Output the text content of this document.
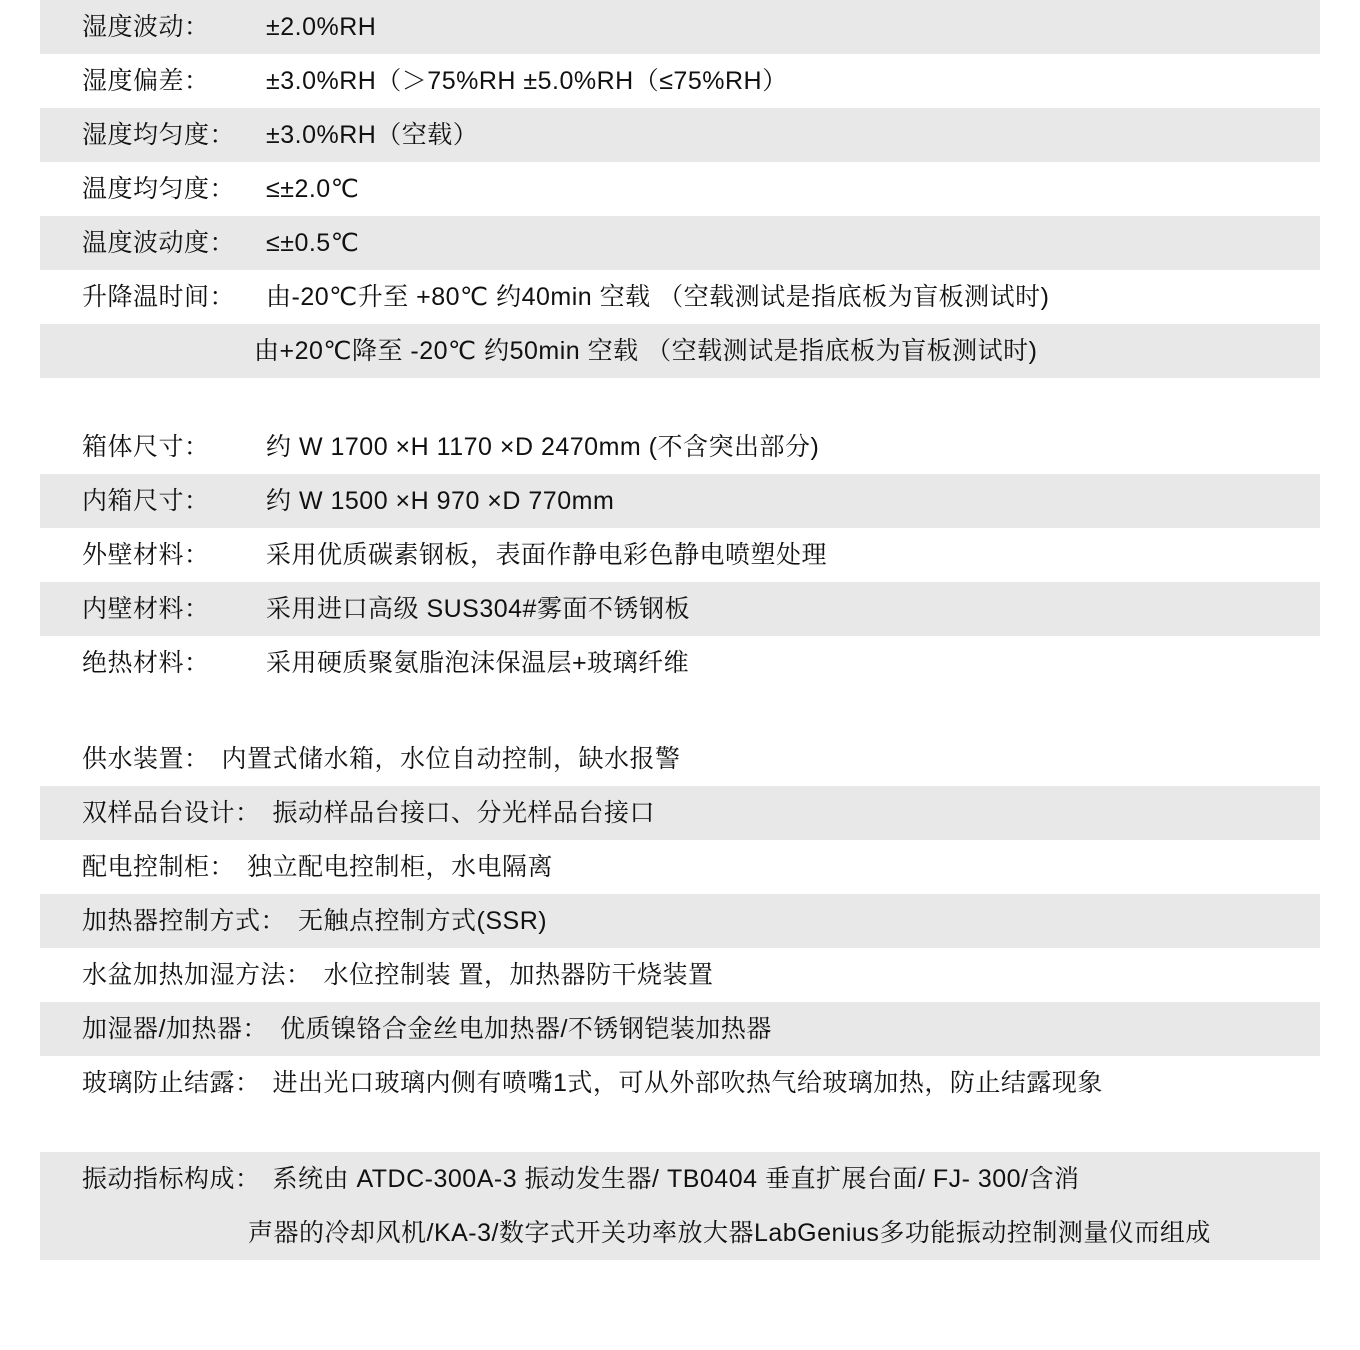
湿度波动：	±2.0%RH
湿度偏差：	±3.0%RH（＞75%RH ±5.0%RH（≤75%RH）
湿度均匀度：	±3.0%RH（空载）
温度均匀度：	≤±2.0℃
温度波动度：	≤±0.5℃
升降温时间：	由-20℃升至 +80℃ 约40min 空载 （空载测试是指底板为盲板测试时)
由+20℃降至 -20℃ 约50min 空载 （空载测试是指底板为盲板测试时)
箱体尺寸：	约 W 1700 ×H 1170 ×D 2470mm (不含突出部分)
内箱尺寸：	约 W 1500 ×H 970 ×D 770mm
外壁材料：	采用优质碳素钢板，表面作静电彩色静电喷塑处理
内壁材料：	采用进口高级 SUS304#雾面不锈钢板
绝热材料：	采用硬质聚氨脂泡沫保温层+玻璃纤维
供水装置： 内置式储水箱，水位自动控制，缺水报警
双样品台设计： 振动样品台接口、分光样品台接口
配电控制柜： 独立配电控制柜，水电隔离
加热器控制方式： 无触点控制方式(SSR)
水盆加热加湿方法： 水位控制装 置，加热器防干烧装置
加湿器/加热器： 优质镍铬合金丝电加热器/不锈钢铠装加热器
玻璃防止结露： 进出光口玻璃内侧有喷嘴1式，可从外部吹热气给玻璃加热，防止结露现象
振动指标构成： 系统由 ATDC-300A-3 振动发生器/ TB0404 垂直扩展台面/ FJ- 300/含消
声器的冷却风机/KA-3/数字式开关功率放大器LabGenius多功能振动控制测量仪而组成
